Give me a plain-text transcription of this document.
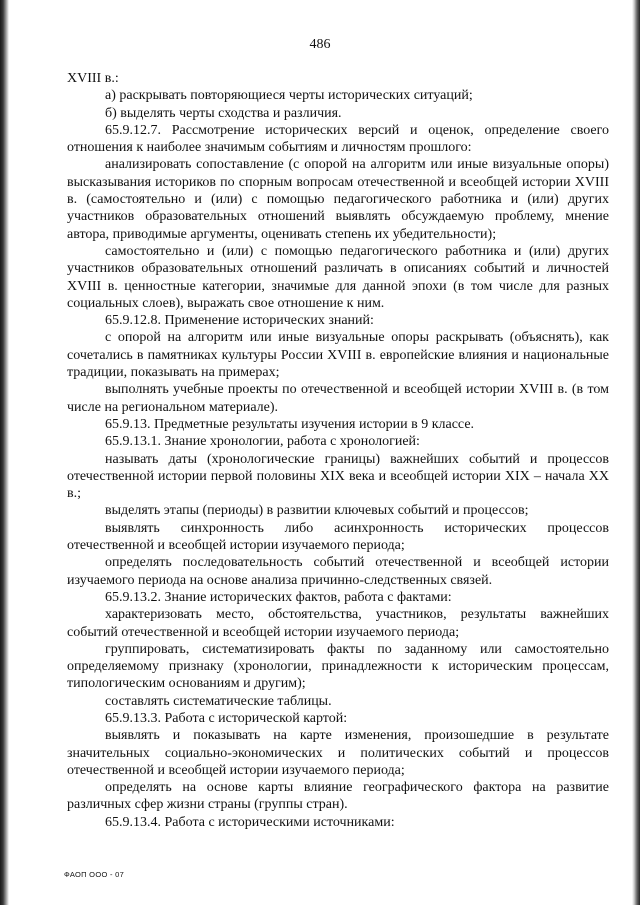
486

XVIII в.:

а) раскрывать повторяющиеся черты исторических ситуаций;

б) выделять черты сходства и различия.

65.9.12.7. Рассмотрение исторических версий и оценок, определение своего отношения к наиболее значимым событиям и личностям прошлого:

анализировать сопоставление (с опорой на алгоритм или иные визуальные опоры) высказывания историков по спорным вопросам отечественной и всеобщей истории XVIII в. (самостоятельно и (или) с помощью педагогического работника и (или) других участников образовательных отношений выявлять обсуждаемую проблему, мнение автора, приводимые аргументы, оценивать степень их убедительности);

самостоятельно и (или) с помощью педагогического работника и (или) других участников образовательных отношений различать в описаниях событий и личностей XVIII в. ценностные категории, значимые для данной эпохи (в том числе для разных социальных слоев), выражать свое отношение к ним.

65.9.12.8. Применение исторических знаний:

с опорой на алгоритм или иные визуальные опоры раскрывать (объяснять), как сочетались в памятниках культуры России XVIII в. европейские влияния и национальные традиции, показывать на примерах;

выполнять учебные проекты по отечественной и всеобщей истории XVIII в. (в том числе на региональном материале).

65.9.13. Предметные результаты изучения истории в 9 классе.

65.9.13.1. Знание хронологии, работа с хронологией:

называть даты (хронологические границы) важнейших событий и процессов отечественной истории первой половины XIX века и всеобщей истории XIX – начала XX в.;

выделять этапы (периоды) в развитии ключевых событий и процессов;

выявлять синхронность либо асинхронность исторических процессов отечественной и всеобщей истории изучаемого периода;

определять последовательность событий отечественной и всеобщей истории изучаемого периода на основе анализа причинно-следственных связей.

65.9.13.2. Знание исторических фактов, работа с фактами:

характеризовать место, обстоятельства, участников, результаты важнейших событий отечественной и всеобщей истории изучаемого периода;

группировать, систематизировать факты по заданному или самостоятельно определяемому признаку (хронологии, принадлежности к историческим процессам, типологическим основаниям и другим);

составлять систематические таблицы.

65.9.13.3. Работа с исторической картой:

выявлять и показывать на карте изменения, произошедшие в результате значительных социально-экономических и политических событий и процессов отечественной и всеобщей истории изучаемого периода;

определять на основе карты влияние географического фактора на развитие различных сфер жизни страны (группы стран).

65.9.13.4. Работа с историческими источниками:

ФАОП ООО - 07
